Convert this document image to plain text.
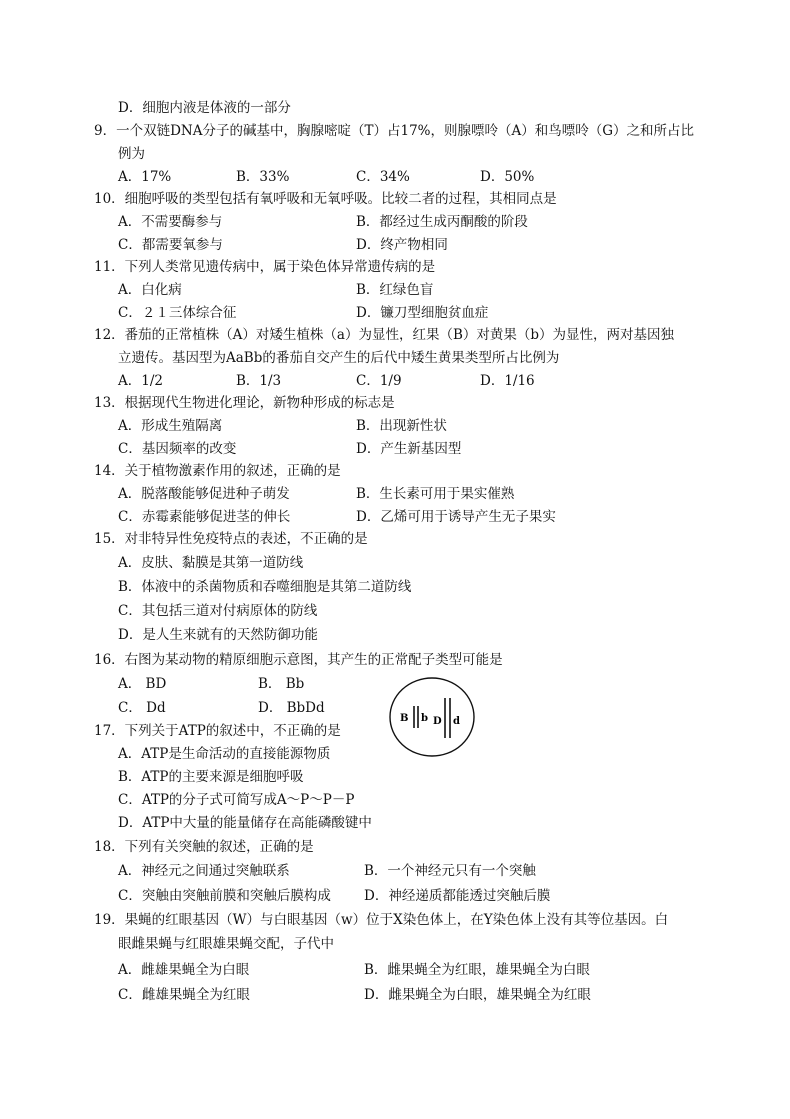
D．细胞内液是体液的一部分
9．一个双链DNA分子的碱基中，胸腺嘧啶（T）占17%，则腺嘌呤（A）和鸟嘌呤（G）之和所占比
例为
A．17%	B．33%	C．34%	D．50%
10．细胞呼吸的类型包括有氧呼吸和无氧呼吸。比较二者的过程，其相同点是
A．不需要酶参与	B．都经过生成丙酮酸的阶段
C．都需要氧参与	D．终产物相同
11．下列人类常见遗传病中，属于染色体异常遗传病的是
A．白化病	B．红绿色盲
C．２１三体综合征	D．镰刀型细胞贫血症
12．番茄的正常植株（A）对矮生植株（a）为显性，红果（B）对黄果（b）为显性，两对基因独
立遗传。基因型为AaBb的番茄自交产生的后代中矮生黄果类型所占比例为
A．1/2	B．1/3	C．1/9	D．1/16
13．根据现代生物进化理论，新物种形成的标志是
A．形成生殖隔离	B．出现新性状
C．基因频率的改变	D．产生新基因型
14．关于植物激素作用的叙述，正确的是
A．脱落酸能够促进种子萌发	B．生长素可用于果实催熟
C．赤霉素能够促进茎的伸长	D．乙烯可用于诱导产生无子果实
15．对非特异性免疫特点的表述，不正确的是
A．皮肤、黏膜是其第一道防线
B．体液中的杀菌物质和吞噬细胞是其第二道防线
C．其包括三道对付病原体的防线
D．是人生来就有的天然防御功能
16．右图为某动物的精原细胞示意图，其产生的正常配子类型可能是
A． BD	B． Bb
C． Dd	D． BbDd
B b D d
17．下列关于ATP的叙述中，不正确的是
A．ATP是生命活动的直接能源物质
B．ATP的主要来源是细胞呼吸
C．ATP的分子式可简写成A～P～P－P
D．ATP中大量的能量储存在高能磷酸键中
18．下列有关突触的叙述，正确的是
A．神经元之间通过突触联系	B．一个神经元只有一个突触
C．突触由突触前膜和突触后膜构成 D．神经递质都能透过突触后膜
19．果蝇的红眼基因（W）与白眼基因（w）位于X染色体上，在Y染色体上没有其等位基因。白
眼雌果蝇与红眼雄果蝇交配，子代中
A．雌雄果蝇全为白眼	B．雌果蝇全为红眼，雄果蝇全为白眼
C．雌雄果蝇全为红眼	D．雌果蝇全为白眼，雄果蝇全为红眼
